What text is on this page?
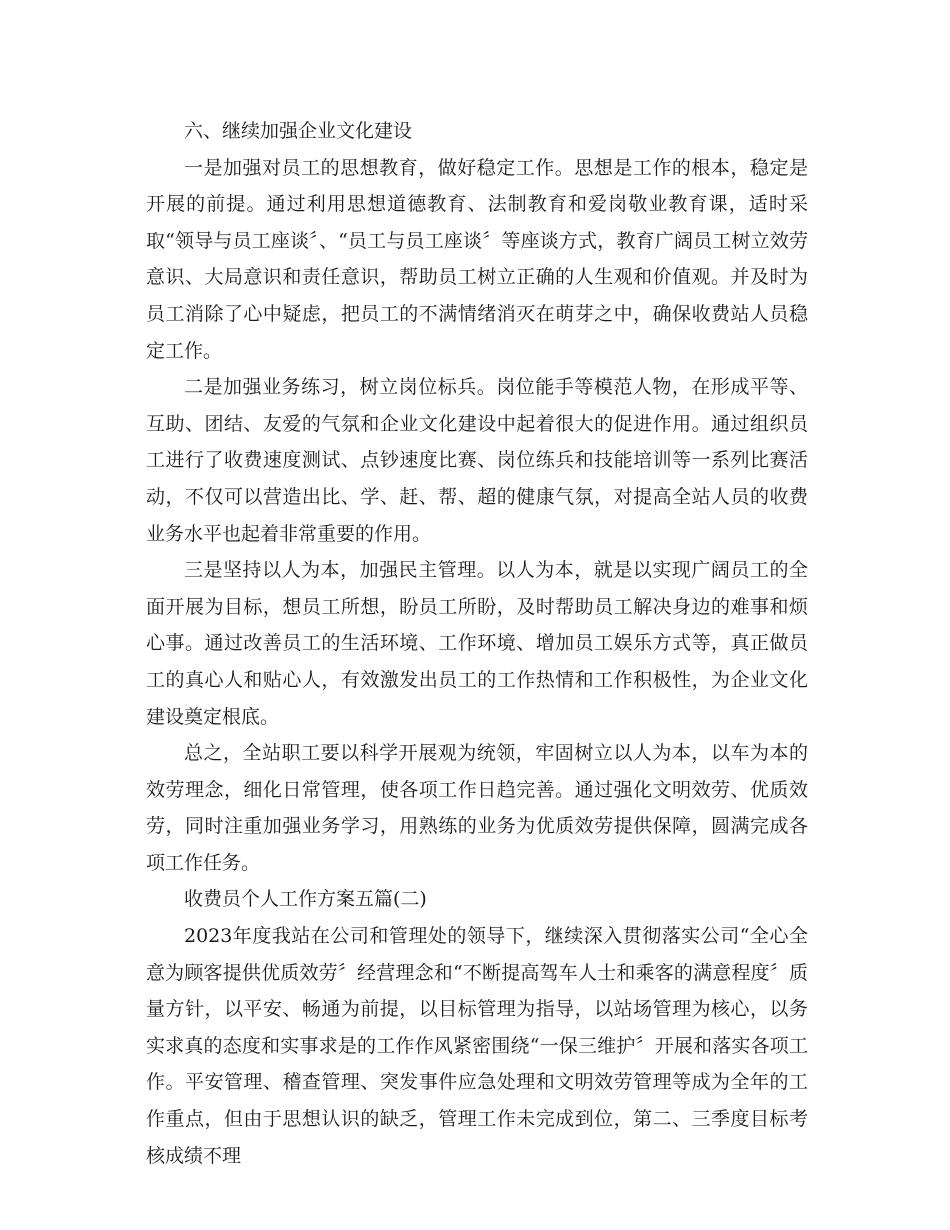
六、继续加强企业文化建设

一是加强对员工的思想教育，做好稳定工作。思想是工作的根本，稳定是开展的前提。通过利用思想道德教育、法制教育和爱岗敬业教育课，适时采取“领导与员工座谈〞、“员工与员工座谈〞等座谈方式，教育广阔员工树立效劳意识、大局意识和责任意识，帮助员工树立正确的人生观和价值观。并及时为员工消除了心中疑虑，把员工的不满情绪消灭在萌芽之中，确保收费站人员稳定工作。

二是加强业务练习，树立岗位标兵。岗位能手等模范人物，在形成平等、互助、团结、友爱的气氛和企业文化建设中起着很大的促进作用。通过组织员工进行了收费速度测试、点钞速度比赛、岗位练兵和技能培训等一系列比赛活动，不仅可以营造出比、学、赶、帮、超的健康气氛，对提高全站人员的收费业务水平也起着非常重要的作用。

三是坚持以人为本，加强民主管理。以人为本，就是以实现广阔员工的全面开展为目标，想员工所想，盼员工所盼，及时帮助员工解决身边的难事和烦心事。通过改善员工的生活环境、工作环境、增加员工娱乐方式等，真正做员工的真心人和贴心人，有效激发出员工的工作热情和工作积极性，为企业文化建设奠定根底。

总之，全站职工要以科学开展观为统领，牢固树立以人为本，以车为本的效劳理念，细化日常管理，使各项工作日趋完善。通过强化文明效劳、优质效劳，同时注重加强业务学习，用熟练的业务为优质效劳提供保障，圆满完成各项工作任务。

收费员个人工作方案五篇(二)

2023年度我站在公司和管理处的领导下，继续深入贯彻落实公司“全心全意为顾客提供优质效劳〞经营理念和“不断提高驾车人士和乘客的满意程度〞质量方针，以平安、畅通为前提，以目标管理为指导，以站场管理为核心，以务实求真的态度和实事求是的工作作风紧密围绕“一保三维护〞开展和落实各项工作。平安管理、稽查管理、突发事件应急处理和文明效劳管理等成为全年的工作重点，但由于思想认识的缺乏，管理工作未完成到位，第二、三季度目标考核成绩不理
